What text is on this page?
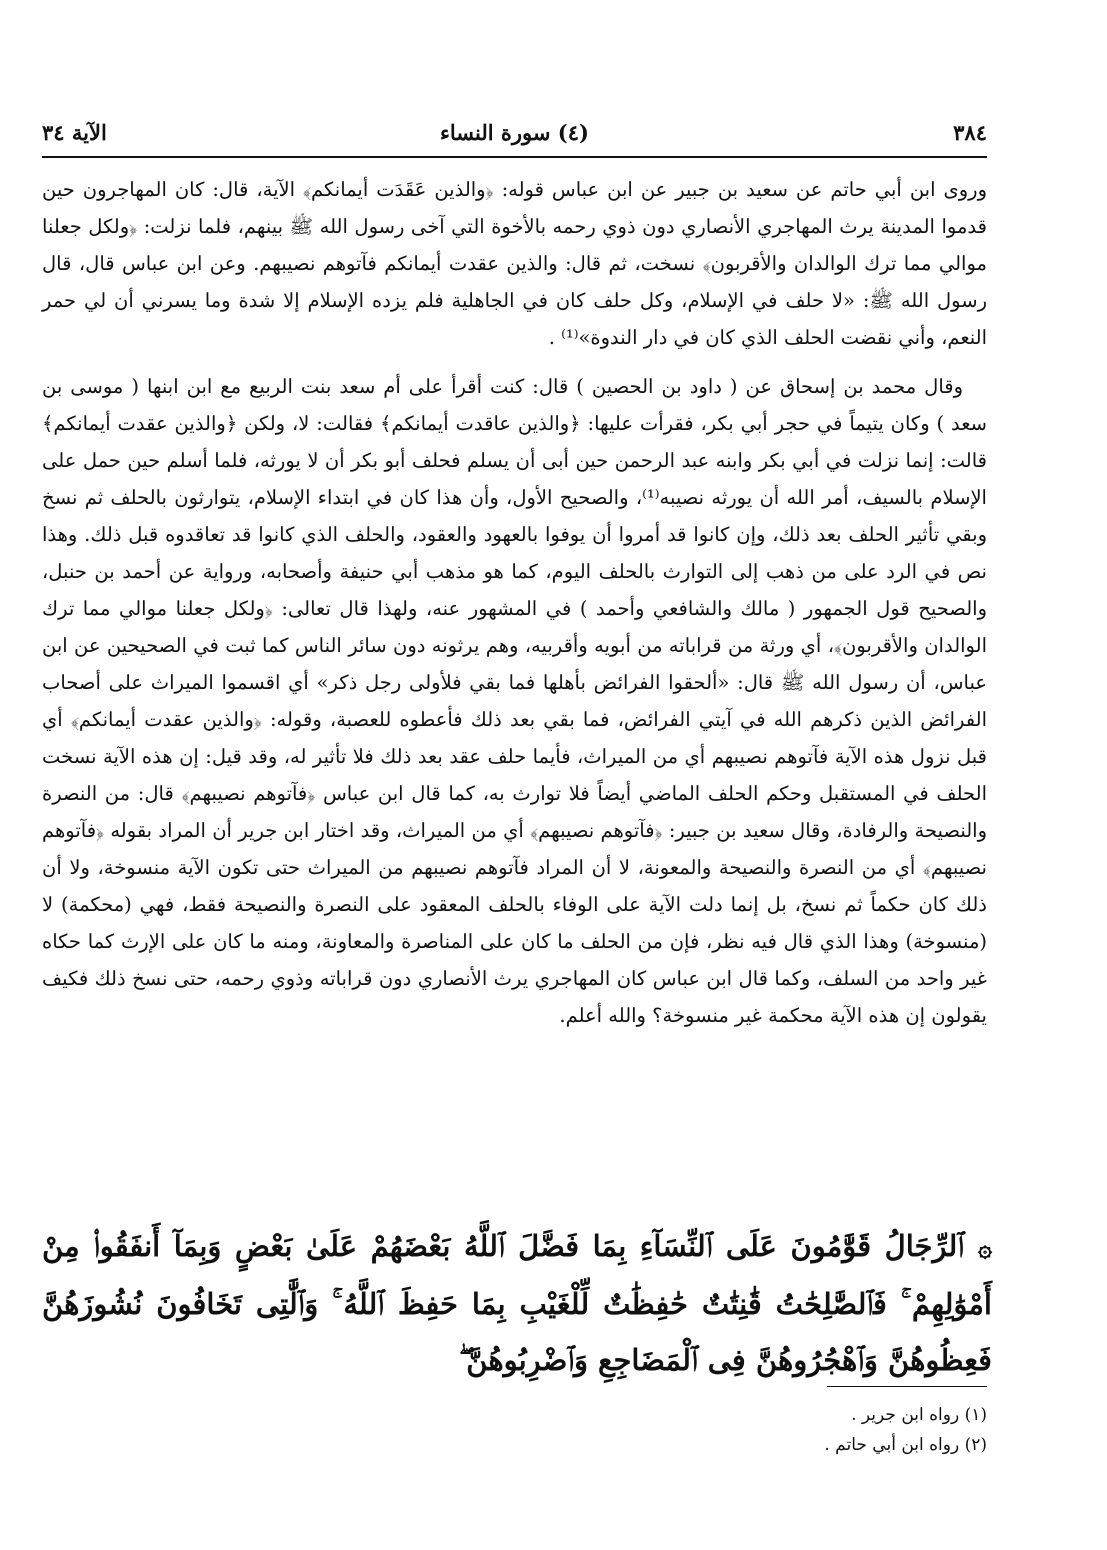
٣٨٤
(٤) سورة النساء
الآية ٣٤

وروى ابن أبي حاتم عن سعيد بن جبير عن ابن عباس قوله: ﴿والذين عَقَدَت أيمانكم﴾ الآية، قال: كان المهاجرون حين قدموا المدينة يرث المهاجري الأنصاري دون ذوي رحمه بالأخوة التي آخى رسول الله ﷺ بينهم، فلما نزلت: ﴿ولكل جعلنا موالي مما ترك الوالدان والأقربون﴾ نسخت، ثم قال: والذين عقدت أيمانكم فآتوهم نصيبهم. وعن ابن عباس قال، قال رسول الله ﷺ: «لا حلف في الإسلام، وكل حلف كان في الجاهلية فلم يزده الإسلام إلا شدة وما يسرني أن لي حمر النعم، وأني نقضت الحلف الذي كان في دار الندوة»⁽¹⁾ .

وقال محمد بن إسحاق عن ( داود بن الحصين ) قال: كنت أقرأ على أم سعد بنت الربيع مع ابن ابنها ( موسى بن سعد ) وكان يتيماً في حجر أبي بكر، فقرأت عليها: ﴿والذين عاقدت أيمانكم﴾ فقالت: لا، ولكن ﴿والذين عقدت أيمانكم﴾ قالت: إنما نزلت في أبي بكر وابنه عبد الرحمن حين أبى أن يسلم فحلف أبو بكر أن لا يورثه، فلما أسلم حين حمل على الإسلام بالسيف، أمر الله أن يورثه نصيبه⁽¹⁾، والصحيح الأول، وأن هذا كان في ابتداء الإسلام، يتوارثون بالحلف ثم نسخ وبقي تأثير الحلف بعد ذلك، وإن كانوا قد أمروا أن يوفوا بالعهود والعقود، والحلف الذي كانوا قد تعاقدوه قبل ذلك. وهذا نص في الرد على من ذهب إلى التوارث بالحلف اليوم، كما هو مذهب أبي حنيفة وأصحابه، ورواية عن أحمد بن حنبل، والصحيح قول الجمهور ( مالك والشافعي وأحمد ) في المشهور عنه، ولهذا قال تعالى: ﴿ولكل جعلنا موالي مما ترك الوالدان والأقربون﴾، أي ورثة من قراباته من أبويه وأقربيه، وهم يرثونه دون سائر الناس كما ثبت في الصحيحين عن ابن عباس، أن رسول الله ﷺ قال: «ألحقوا الفرائض بأهلها فما بقي فلأولى رجل ذكر» أي اقسموا الميراث على أصحاب الفرائض الذين ذكرهم الله في آيتي الفرائض، فما بقي بعد ذلك فأعطوه للعصبة، وقوله: ﴿والذين عقدت أيمانكم﴾ أي قبل نزول هذه الآية فآتوهم نصيبهم أي من الميراث، فأيما حلف عقد بعد ذلك فلا تأثير له، وقد قيل: إن هذه الآية نسخت الحلف في المستقبل وحكم الحلف الماضي أيضاً فلا توارث به، كما قال ابن عباس ﴿فآتوهم نصيبهم﴾ قال: من النصرة والنصيحة والرفادة، وقال سعيد بن جبير: ﴿فآتوهم نصيبهم﴾ أي من الميراث، وقد اختار ابن جرير أن المراد بقوله ﴿فآتوهم نصيبهم﴾ أي من النصرة والنصيحة والمعونة، لا أن المراد فآتوهم نصيبهم من الميراث حتى تكون الآية منسوخة، ولا أن ذلك كان حكماً ثم نسخ، بل إنما دلت الآية على الوفاء بالحلف المعقود على النصرة والنصيحة فقط، فهي (محكمة) لا (منسوخة) وهذا الذي قال فيه نظر، فإن من الحلف ما كان على المناصرة والمعاونة، ومنه ما كان على الإرث كما حكاه غير واحد من السلف، وكما قال ابن عباس كان المهاجري يرث الأنصاري دون قراباته وذوي رحمه، حتى نسخ ذلك فكيف يقولون إن هذه الآية محكمة غير منسوخة؟ والله أعلم.

۞ٱلرِّجَالُ قَوَّٰمُونَ عَلَى ٱلنِّسَآءِ بِمَا فَضَّلَ ٱللَّهُ بَعْضَهُمْ عَلَىٰ بَعْضٍ وَبِمَآ أَنفَقُوا۟ مِنْ أَمْوَٰلِهِمْ ۚ فَٱلصَّٰلِحَٰتُ قَٰنِتَٰتٌ حَٰفِظَٰتٌ لِّلْغَيْبِ بِمَا حَفِظَ ٱللَّهُ ۚ وَٱلَّٰتِى تَخَافُونَ نُشُوزَهُنَّ فَعِظُوهُنَّ وَٱهْجُرُوهُنَّ فِى ٱلْمَضَاجِعِ وَٱضْرِبُوهُنَّ ۖ
(١) رواه ابن جرير .
(٢) رواه ابن أبي حاتم .
